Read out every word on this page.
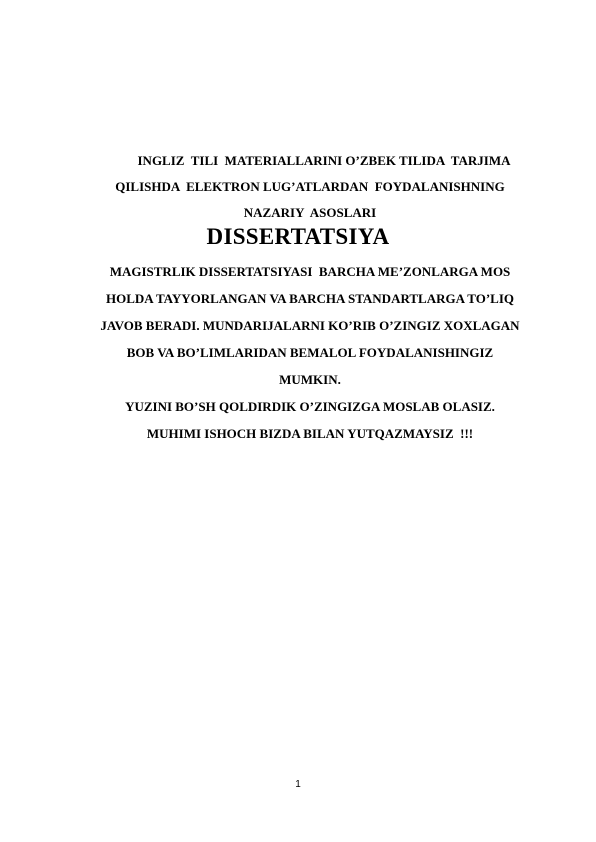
INGLIZ  TILI  MATERIALLARINI O’ZBEK TILIDA  TARJIMA
QILISHDA  ELEKTRON LUG’ATLARDAN  FOYDALANISHNING
NAZARIY  ASOSLARI
DISSERTATSIYA
MAGISTRLIK DISSERTATSIYASI  BARCHA ME’ZONLARGA MOS
HOLDA TAYYORLANGAN VA BARCHA STANDARTLARGA TO’LIQ
JAVOB BERADI. MUNDARIJALARNI KO’RIB O’ZINGIZ XOXLAGAN
BOB VA BO’LIMLARIDAN BEMALOL FOYDALANISHINGIZ
MUMKIN.
YUZINI BO’SH QOLDIRDIK O’ZINGIZGA MOSLAB OLASIZ.
MUHIMI ISHOCH BIZDA BILAN YUTQAZMAYSIZ  !!!
1
